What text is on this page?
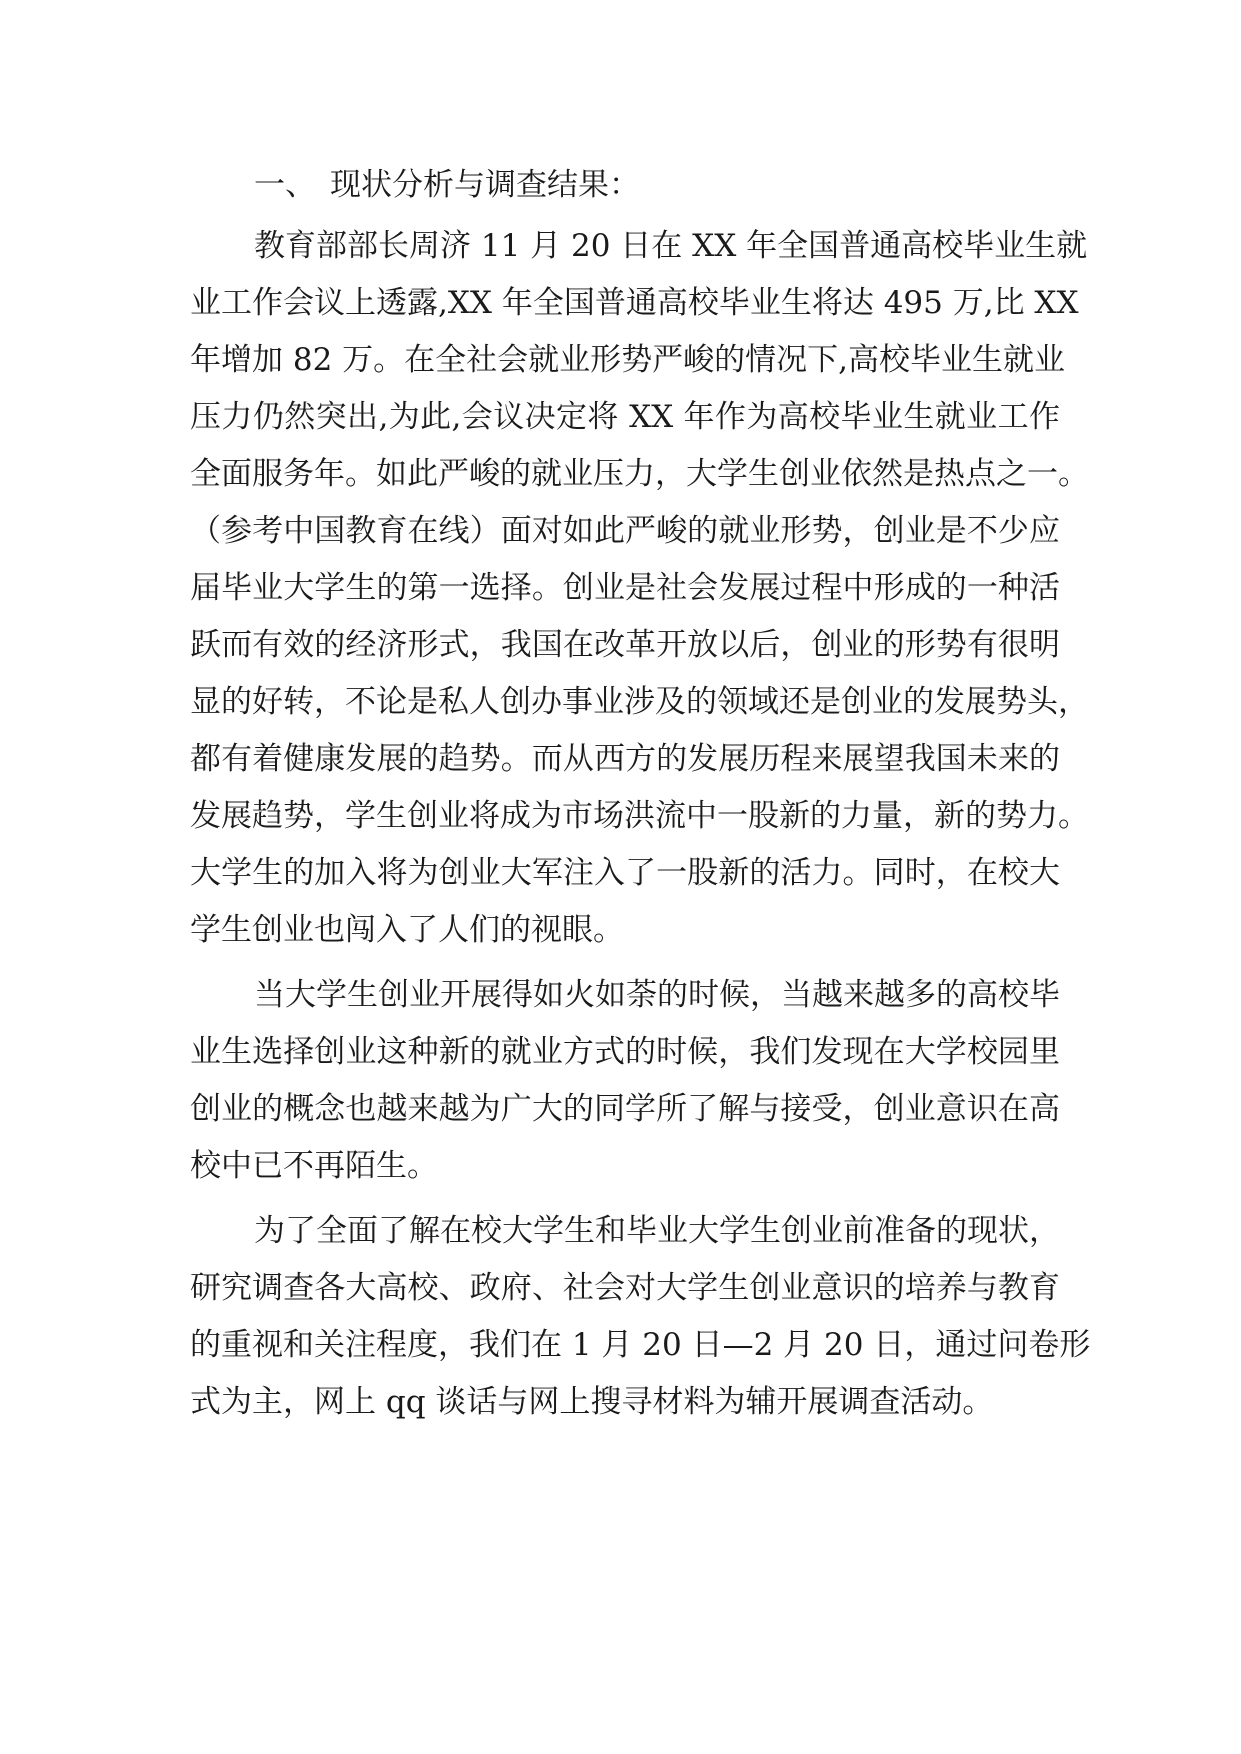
一、 现状分析与调查结果：

教育部部长周济 11 月 20 日在 XX 年全国普通高校毕业生就
业工作会议上透露,XX 年全国普通高校毕业生将达 495 万,比 XX
年增加 82 万。在全社会就业形势严峻的情况下,高校毕业生就业
压力仍然突出,为此,会议决定将 XX 年作为高校毕业生就业工作
全面服务年。如此严峻的就业压力，大学生创业依然是热点之一。
（参考中国教育在线）面对如此严峻的就业形势，创业是不少应
届毕业大学生的第一选择。创业是社会发展过程中形成的一种活
跃而有效的经济形式，我国在改革开放以后，创业的形势有很明
显的好转，不论是私人创办事业涉及的领域还是创业的发展势头，
都有着健康发展的趋势。而从西方的发展历程来展望我国未来的
发展趋势，学生创业将成为市场洪流中一股新的力量，新的势力。
大学生的加入将为创业大军注入了一股新的活力。同时，在校大
学生创业也闯入了人们的视眼。

当大学生创业开展得如火如荼的时候，当越来越多的高校毕
业生选择创业这种新的就业方式的时候，我们发现在大学校园里
创业的概念也越来越为广大的同学所了解与接受，创业意识在高
校中已不再陌生。

为了全面了解在校大学生和毕业大学生创业前准备的现状，
研究调查各大高校、政府、社会对大学生创业意识的培养与教育
的重视和关注程度，我们在 1 月 20 日—2 月 20 日，通过问卷形
式为主，网上 qq 谈话与网上搜寻材料为辅开展调查活动。
